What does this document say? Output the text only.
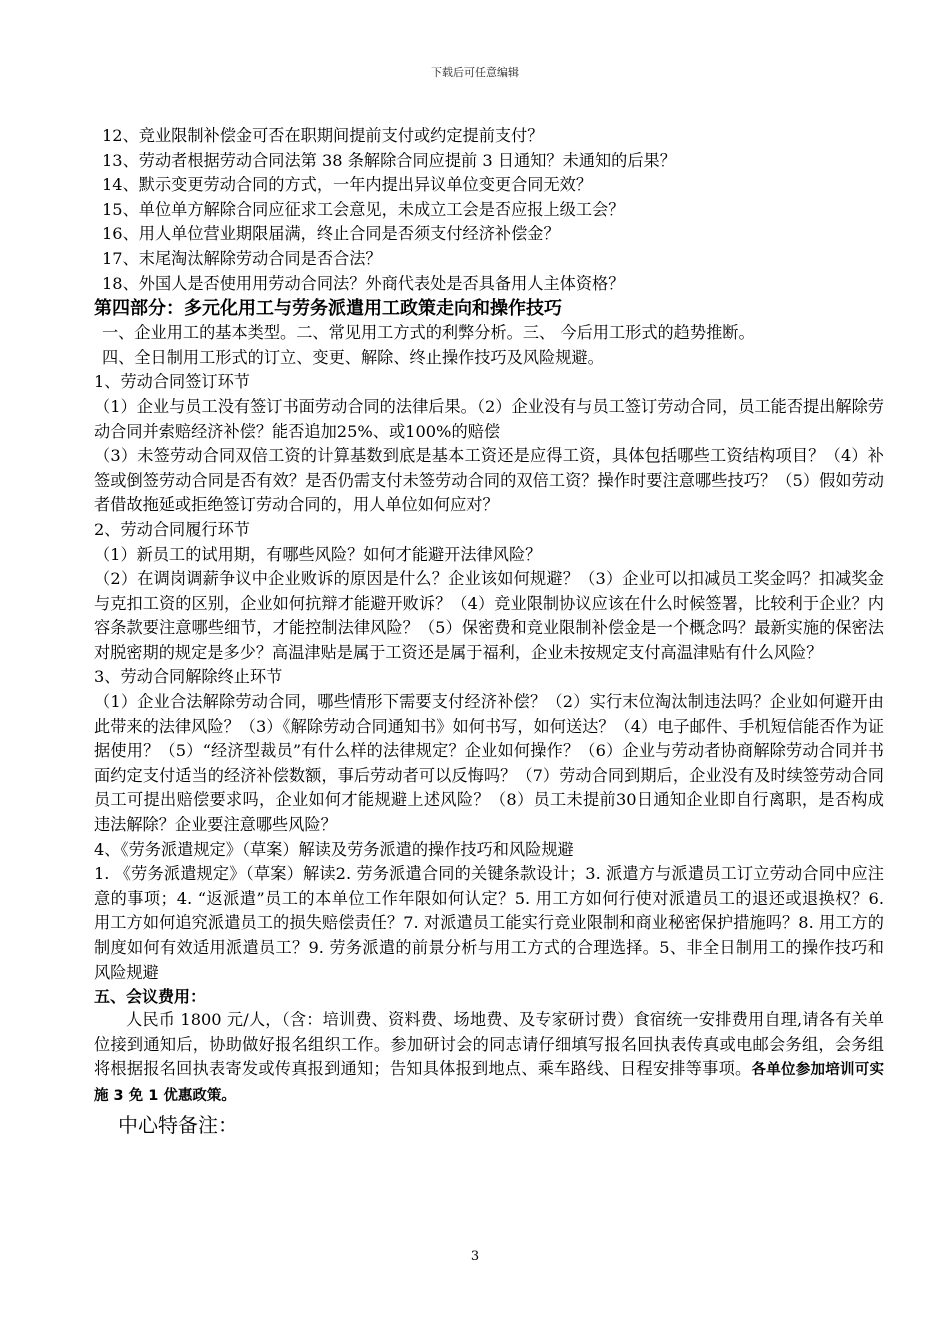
下载后可任意编辑
12、竞业限制补偿金可否在职期间提前支付或约定提前支付？
13、劳动者根据劳动合同法第 38 条解除合同应提前 3 日通知？未通知的后果？
14、默示变更劳动合同的方式，一年内提出异议单位变更合同无效？
15、单位单方解除合同应征求工会意见，未成立工会是否应报上级工会？
16、用人单位营业期限届满，终止合同是否须支付经济补偿金？
17、末尾淘汰解除劳动合同是否合法？
18、外国人是否使用用劳动合同法？外商代表处是否具备用人主体资格？
第四部分：多元化用工与劳务派遣用工政策走向和操作技巧

一、企业用工的基本类型。二、常见用工方式的利弊分析。三、 今后用工形式的趋势推断。

四、全日制用工形式的订立、变更、解除、终止操作技巧及风险规避。
1、劳动合同签订环节

（1）企业与员工没有签订书面劳动合同的法律后果。（2）企业没有与员工签订劳动合同，员工能否提出解除劳动合同并索赔经济补偿？能否追加25%、或100%的赔偿

（3）未签劳动合同双倍工资的计算基数到底是基本工资还是应得工资，具体包括哪些工资结构项目？（4）补签或倒签劳动合同是否有效？是否仍需支付未签劳动合同的双倍工资？操作时要注意哪些技巧？（5）假如劳动者借故拖延或拒绝签订劳动合同的，用人单位如何应对？

2、劳动合同履行环节

（1）新员工的试用期，有哪些风险？如何才能避开法律风险？

（2）在调岗调薪争议中企业败诉的原因是什么？企业该如何规避？（3）企业可以扣减员工奖金吗？扣减奖金与克扣工资的区别，企业如何抗辩才能避开败诉？（4）竞业限制协议应该在什么时候签署，比较利于企业？内容条款要注意哪些细节，才能控制法律风险？（5）保密费和竞业限制补偿金是一个概念吗？最新实施的保密法对脱密期的规定是多少？高温津贴是属于工资还是属于福利，企业未按规定支付高温津贴有什么风险？

3、劳动合同解除终止环节

（1）企业合法解除劳动合同，哪些情形下需要支付经济补偿？（2）实行末位淘汰制违法吗？企业如何避开由此带来的法律风险？（3）《解除劳动合同通知书》如何书写，如何送达？（4）电子邮件、手机短信能否作为证据使用？（5）“经济型裁员”有什么样的法律规定？企业如何操作？（6）企业与劳动者协商解除劳动合同并书面约定支付适当的经济补偿数额，事后劳动者可以反悔吗？（7）劳动合同到期后，企业没有及时续签劳动合同员工可提出赔偿要求吗，企业如何才能规避上述风险？（8）员工未提前30日通知企业即自行离职，是否构成违法解除？企业要注意哪些风险？

4、《劳务派遣规定》（草案）解读及劳务派遣的操作技巧和风险规避

1. 《劳务派遣规定》（草案）解读2. 劳务派遣合同的关键条款设计；3. 派遣方与派遣员工订立劳动合同中应注意的事项；4. “返派遣”员工的本单位工作年限如何认定？5. 用工方如何行使对派遣员工的退还或退换权？6. 用工方如何追究派遣员工的损失赔偿责任？7. 对派遣员工能实行竞业限制和商业秘密保护措施吗？8. 用工方的制度如何有效适用派遣员工？9. 劳务派遣的前景分析与用工方式的合理选择。5、非全日制用工的操作技巧和风险规避

五、会议费用：

人民币 1800 元/人，（含：培训费、资料费、场地费、及专家研讨费）食宿统一安排费用自理,请各有关单位接到通知后，协助做好报名组织工作。参加研讨会的同志请仔细填写报名回执表传真或电邮会务组，会务组将根据报名回执表寄发或传真报到通知；告知具体报到地点、乘车路线、日程安排等事项。各单位参加培训可实施 3 免 1 优惠政策。

中心特备注：
3
